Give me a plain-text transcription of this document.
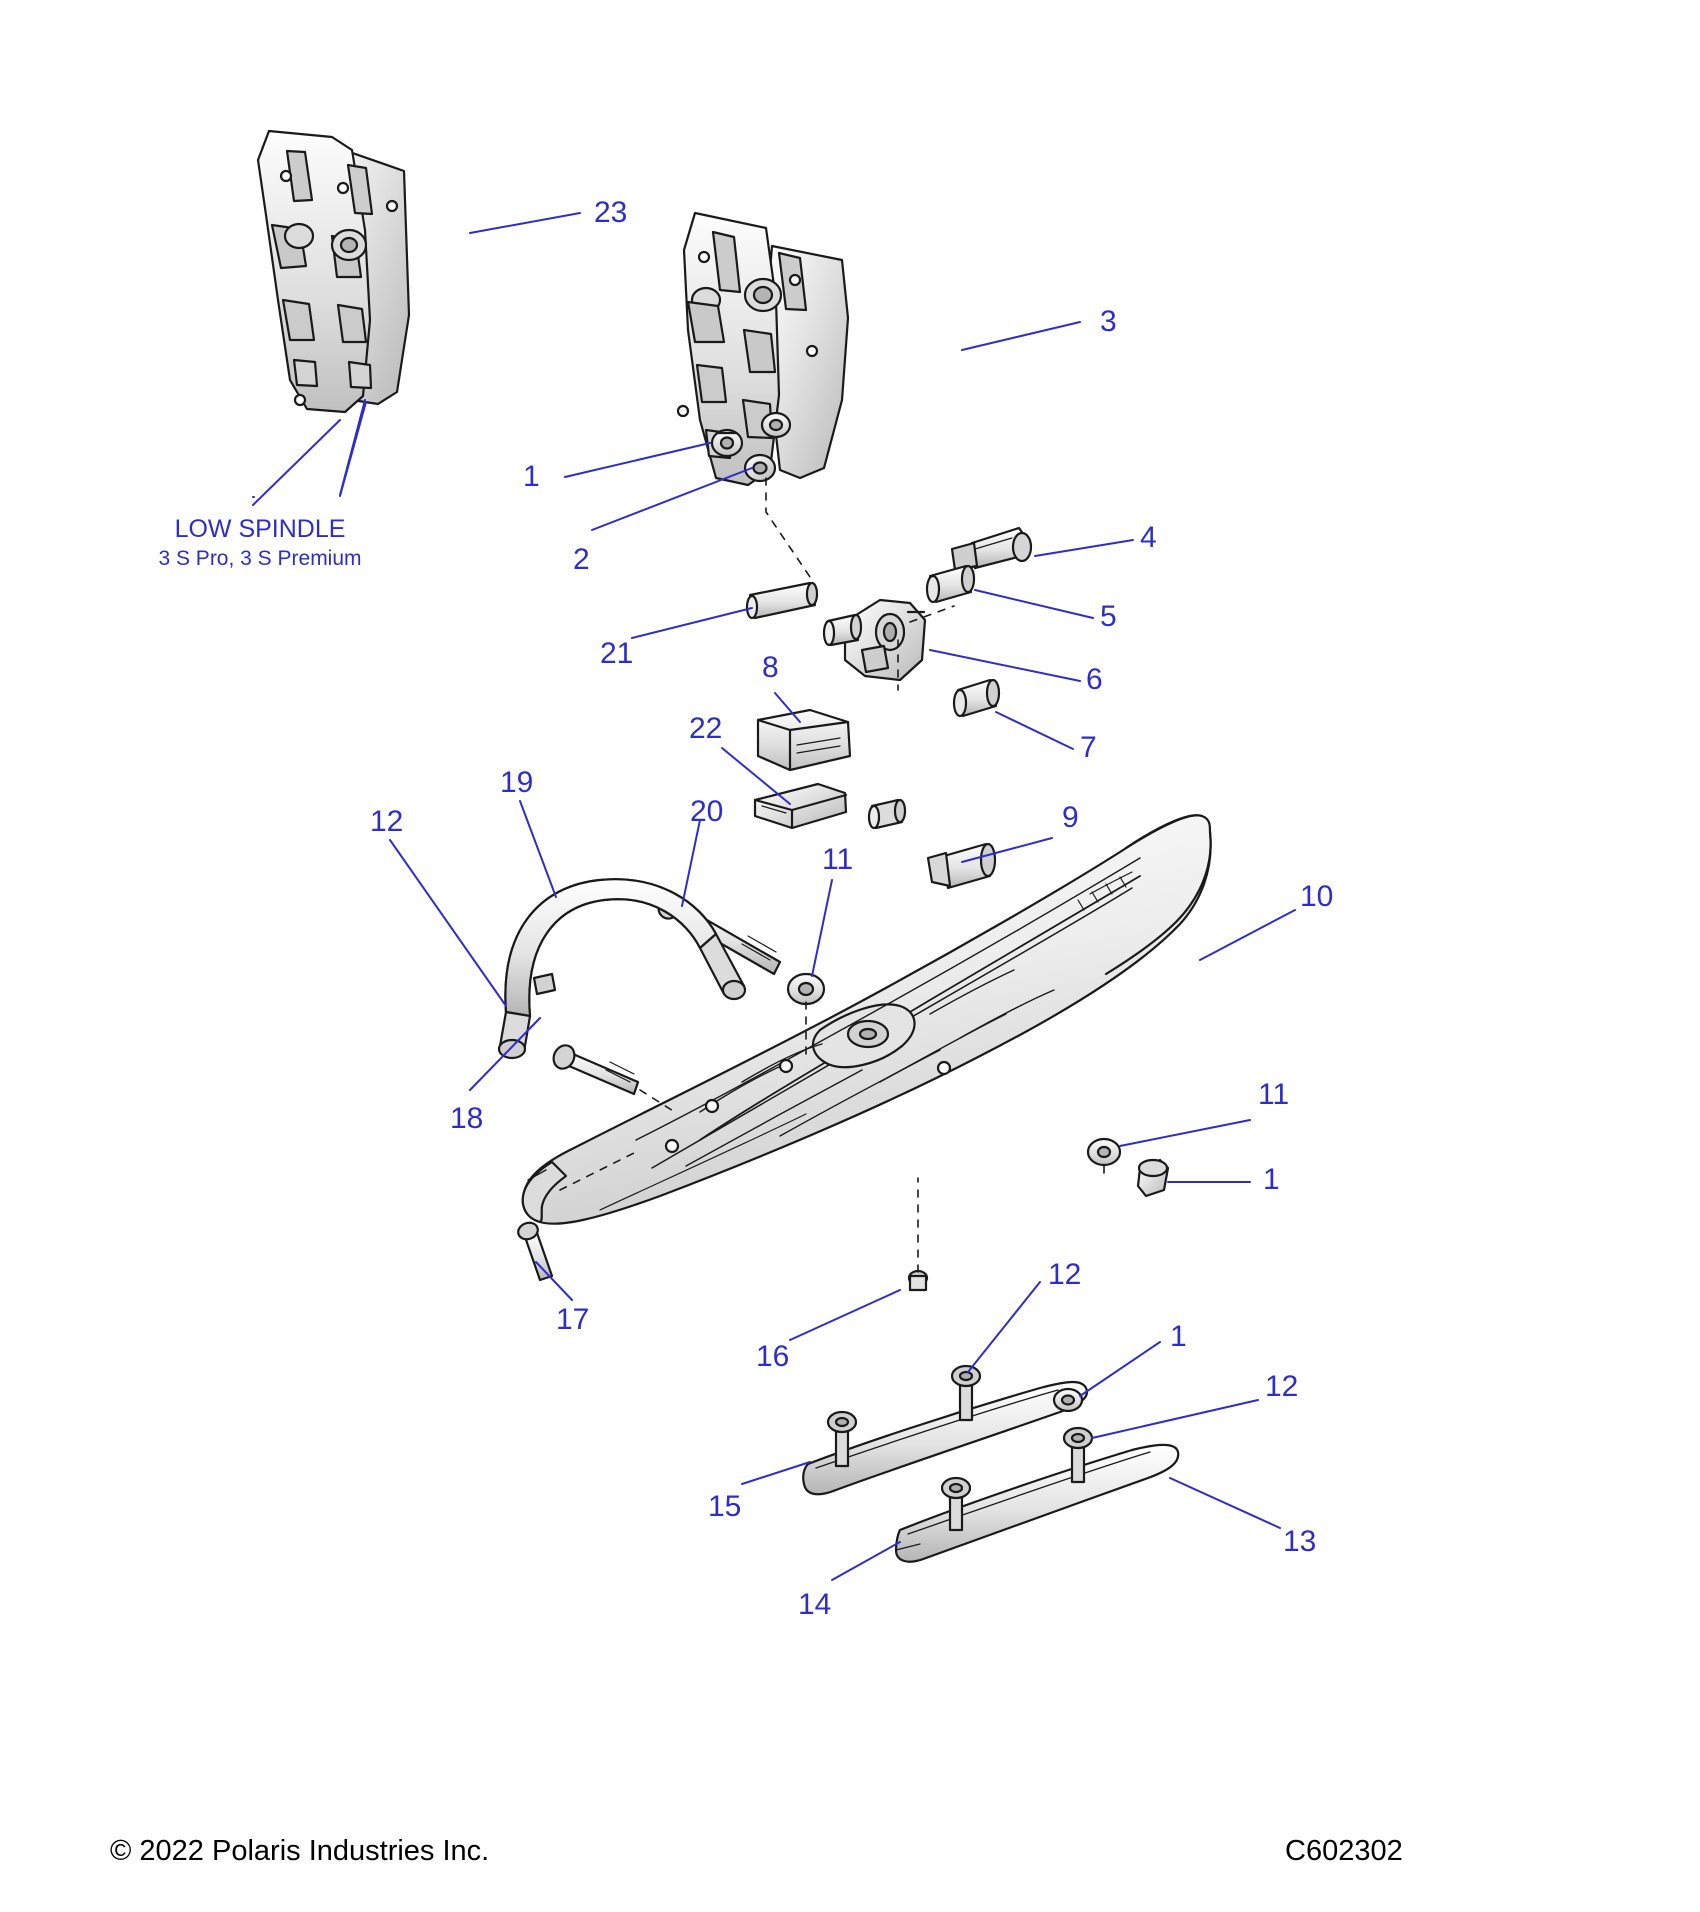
23
3
1
2
4
5
6
7
21	8
22
19
12	20
11
9
10
18
11
1
17
16
12
1
12
15
14
13
LOW SPINDLE
3 S Pro, 3 S Premium
© 2022 Polaris Industries Inc.	C602302
